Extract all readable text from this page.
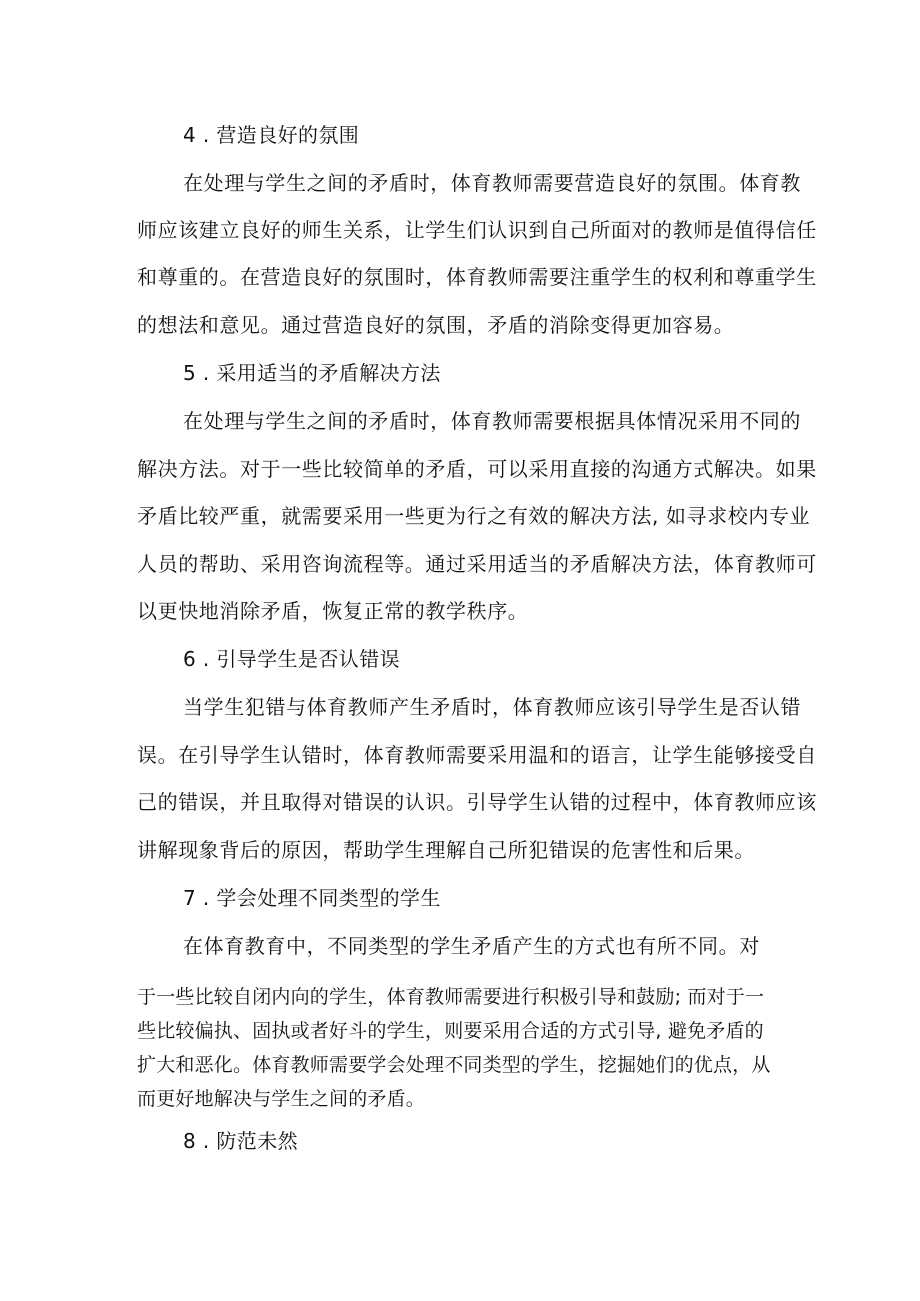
4 . 营造良好的氛围
在处理与学生之间的矛盾时，体育教师需要营造良好的氛围。体育教
师应该建立良好的师生关系，让学生们认识到自己所面对的教师是值得信任
和尊重的。在营造良好的氛围时，体育教师需要注重学生的权利和尊重学生
的想法和意见。通过营造良好的氛围，矛盾的消除变得更加容易。
5 . 采用适当的矛盾解决方法
在处理与学生之间的矛盾时，体育教师需要根据具体情况采用不同的
解决方法。对于一些比较简单的矛盾，可以采用直接的沟通方式解决。如果
矛盾比较严重，就需要采用一些更为行之有效的解决方法, 如寻求校内专业
人员的帮助、采用咨询流程等。通过采用适当的矛盾解决方法，体育教师可
以更快地消除矛盾，恢复正常的教学秩序。
6 . 引导学生是否认错误
当学生犯错与体育教师产生矛盾时，体育教师应该引导学生是否认错
误。在引导学生认错时，体育教师需要采用温和的语言，让学生能够接受自
己的错误，并且取得对错误的认识。引导学生认错的过程中，体育教师应该
讲解现象背后的原因，帮助学生理解自己所犯错误的危害性和后果。
7 . 学会处理不同类型的学生
在体育教育中，不同类型的学生矛盾产生的方式也有所不同。对
于一些比较自闭内向的学生，体育教师需要进行积极引导和鼓励; 而对于一
些比较偏执、固执或者好斗的学生，则要采用合适的方式引导, 避免矛盾的
扩大和恶化。体育教师需要学会处理不同类型的学生，挖掘她们的优点，从
而更好地解决与学生之间的矛盾。
8 . 防范未然
